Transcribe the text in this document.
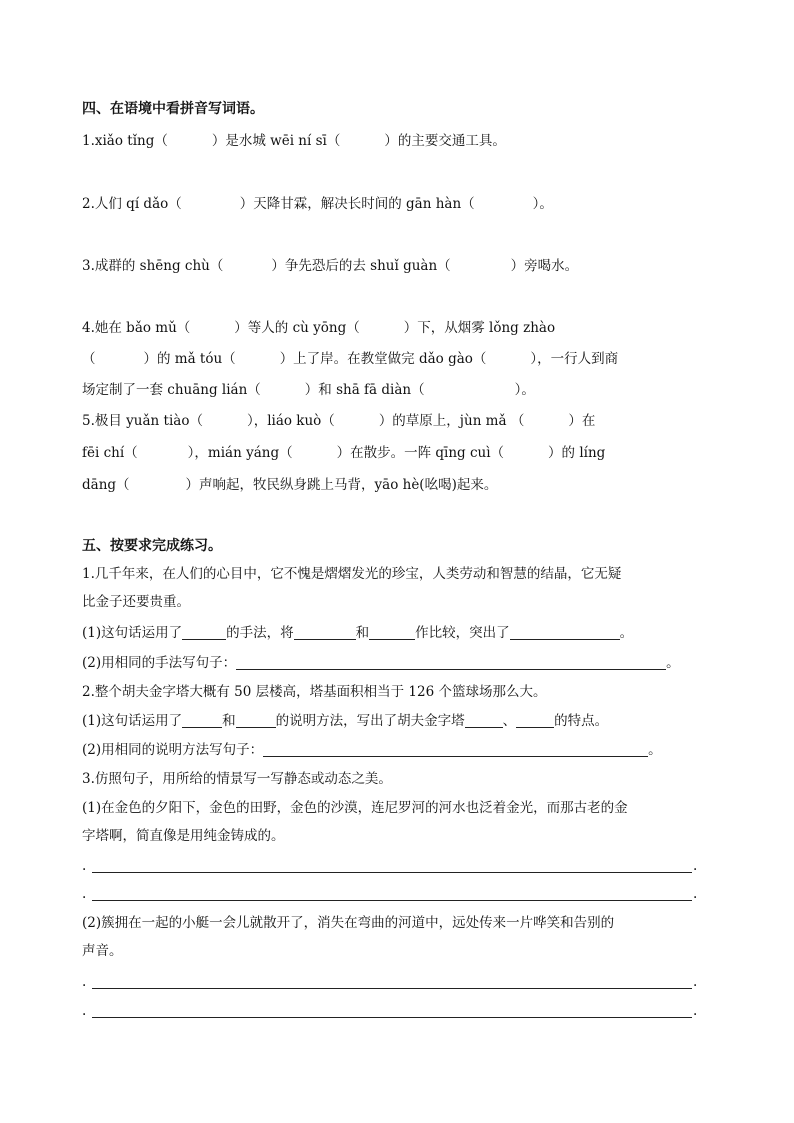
四、在语境中看拼音写词语。
1.xiǎo tǐng（	）是水城 wēi ní sī（	）的主要交通工具。
2.人们 qí dǎo（	）天降甘霖，解决长时间的 gān hàn（	）。
3.成群的 shēng chù（	）争先恐后的去 shuǐ guàn（	）旁喝水。
4.她在 bǎo mǔ（	）等人的 cù yōng（	）下，从烟雾 lǒng zhào
（	）的 mǎ tóu（	）上了岸。在教堂做完 dǎo gào（	），一行人到商
场定制了一套 chuāng lián（	）和 shā fā diàn（	）。
5.极目 yuǎn tiào（	），liáo kuò（	）的草原上，jùn mǎ （	）在
fēi chí（	），mián yáng（	）在散步。一阵 qīng cuì（	）的 líng
dāng（	）声响起，牧民纵身跳上马背，yāo hè(吆喝)起来。
五、按要求完成练习。
1.几千年来，在人们的心目中，它不愧是熠熠发光的珍宝，人类劳动和智慧的结晶，它无疑
比金子还要贵重。
(1)这句话运用了	的手法，将	和	作比较，突出了	。
(2)用相同的手法写句子：	。
2.整个胡夫金字塔大概有 50 层楼高，塔基面积相当于 126 个篮球场那么大。
(1)这句话运用了	和	的说明方法，写出了胡夫金字塔	、	的特点。
(2)用相同的说明方法写句子：	。
3.仿照句子，用所给的情景写一写静态或动态之美。
(1)在金色的夕阳下，金色的田野，金色的沙漠，连尼罗河的河水也泛着金光，而那古老的金
字塔啊，简直像是用纯金铸成的。
.	.
.	.
(2)簇拥在一起的小艇一会儿就散开了，消失在弯曲的河道中，远处传来一片哗笑和告别的
声音。
.	.
.	.
